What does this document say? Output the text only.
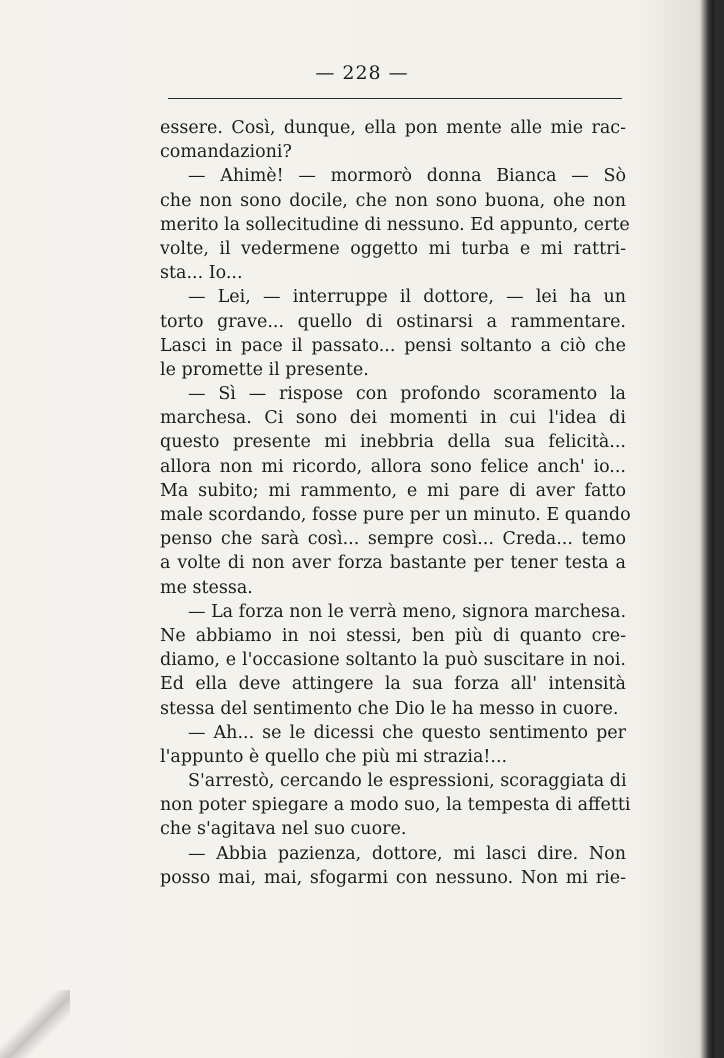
— 228 —
essere. Così, dunque, ella pon mente alle mie rac-
comandazioni?
— Ahimè! — mormorò donna Bianca — Sò
che non sono docile, che non sono buona, ohe non
merito la sollecitudine di nessuno. Ed appunto, certe
volte, il vedermene oggetto mi turba e mi rattri-
sta... Io...
— Lei, — interruppe il dottore, — lei ha un
torto grave... quello di ostinarsi a rammentare.
Lasci in pace il passato... pensi soltanto a ciò che
le promette il presente.
— Sì — rispose con profondo scoramento la
marchesa. Ci sono dei momenti in cui l'idea di
questo presente mi inebbria della sua felicità...
allora non mi ricordo, allora sono felice anch' io...
Ma subito; mi rammento, e mi pare di aver fatto
male scordando, fosse pure per un minuto. E quando
penso che sarà così... sempre così... Creda... temo
a volte di non aver forza bastante per tener testa a
me stessa.
— La forza non le verrà meno, signora marchesa.
Ne abbiamo in noi stessi, ben più di quanto cre-
diamo, e l'occasione soltanto la può suscitare in noi.
Ed ella deve attingere la sua forza all' intensità
stessa del sentimento che Dio le ha messo in cuore.
— Ah... se le dicessi che questo sentimento per
l'appunto è quello che più mi strazia!...
S'arrestò, cercando le espressioni, scoraggiata di
non poter spiegare a modo suo, la tempesta di affetti
che s'agitava nel suo cuore.
— Abbia pazienza, dottore, mi lasci dire. Non
posso mai, mai, sfogarmi con nessuno. Non mi rie-
